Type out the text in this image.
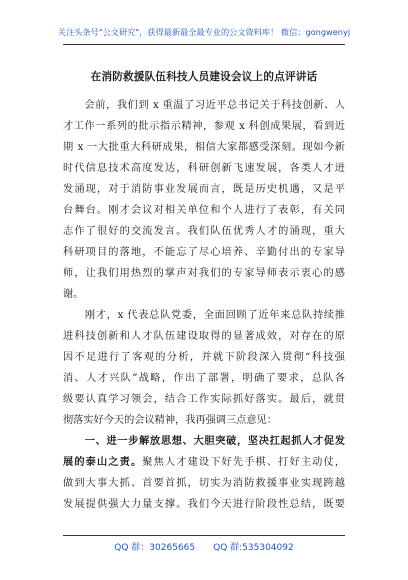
关注头条号"公文研究"，获得最新最全最专业的公文资料库！ 微信：gongwenyj
在消防救援队伍科技人员建设会议上的点评讲话
　　会前，我们到 x 重温了习近平总书记关于科技创新、人
才工作一系列的批示指示精神，参观 x 科创成果展，看到近
期 x 一大批重大科研成果，相信大家都感受深刻。现如今新
时代信息技术高度发达，科研创新飞速发展，各类人才迸
发涌现，对于消防事业发展而言，既是历史机遇，又是平
台舞台。刚才会议对相关单位和个人进行了表彰，有关同
志作了很好的交流发言。我们队伍优秀人才的涌现，重大
科研项目的落地，不能忘了尽心培养、辛勤付出的专家导
师，让我们用热烈的掌声对我们的专家导师表示衷心的感
谢。
　　刚才，x 代表总队党委，全面回顾了近年来总队持续推
进科技创新和人才队伍建设取得的显著成效，对存在的原
因不足进行了客观的分析，并就下阶段深入贯彻“科技强
消、人才兴队”战略，作出了部署，明确了要求，总队各
级要认真学习领会，结合工作实际抓好落实。最后，就贯
彻落实好今天的会议精神，我再强调三点意见：
　　一、进一步解放思想、大胆突破，坚决扛起抓人才促发
展的泰山之责。聚焦人才建设下好先手棋、打好主动仗，
做到大事大抓、首要首抓，切实为消防救援事业实现跨越
发展提供强大力量支撑。我们今天进行阶段性总结，既要
QQ 群：30265665　　QQ 群:535304092
